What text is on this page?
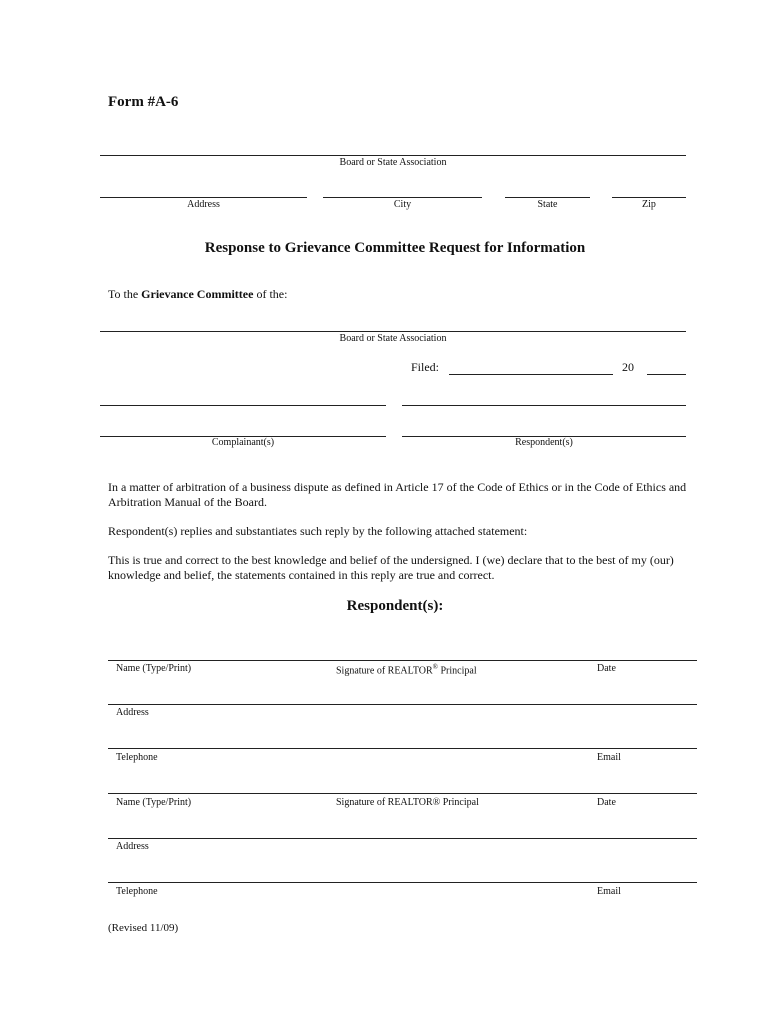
Form #A-6
Board or State Association
Address	City	State	Zip
Response to Grievance Committee Request for Information
To the Grievance Committee of the:
Board or State Association
Filed:	20
Complainant(s)	Respondent(s)
In a matter of arbitration of a business dispute as defined in Article 17 of the Code of Ethics or in the Code of Ethics and Arbitration Manual of the Board.
Respondent(s) replies and substantiates such reply by the following attached statement:
This is true and correct to the best knowledge and belief of the undersigned. I (we) declare that to the best of my (our) knowledge and belief, the statements contained in this reply are true and correct.
Respondent(s):
Name (Type/Print)	Signature of REALTOR® Principal	Date
Address
Telephone	Email
Name (Type/Print)	Signature of REALTOR® Principal	Date
Address
Telephone	Email
(Revised 11/09)
